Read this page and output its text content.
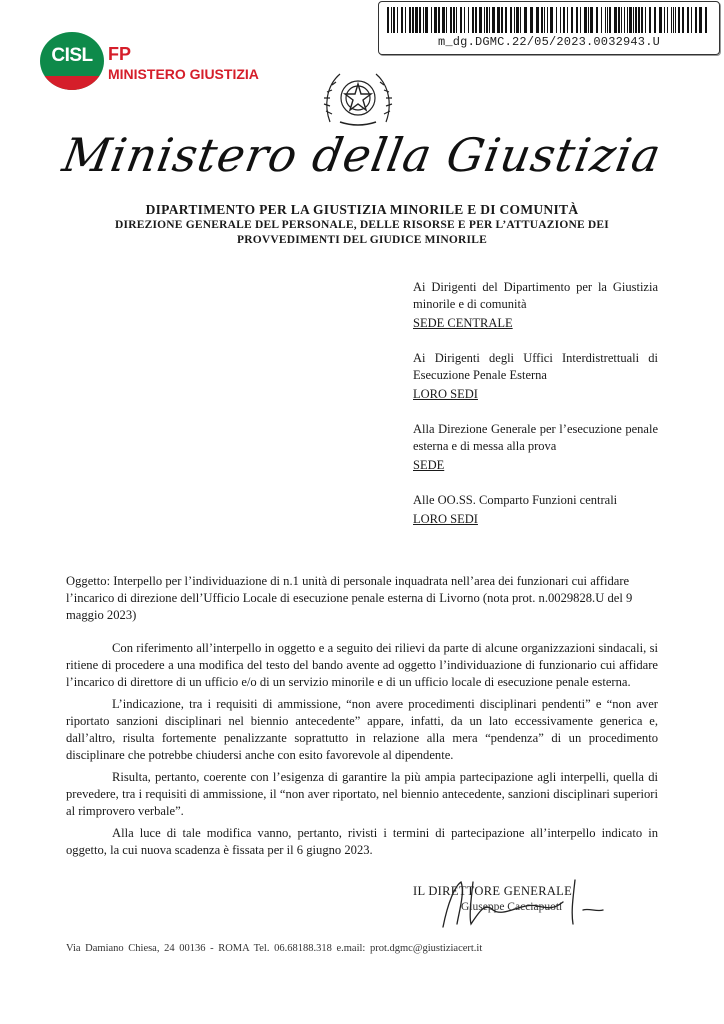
CISL FP
MINISTERO GIUSTIZIA
m_dg.DGMC.22/05/2023.0032943.U
Ministero della Giustizia
DIPARTIMENTO PER LA GIUSTIZIA MINORILE E DI COMUNITÀ
DIREZIONE GENERALE DEL PERSONALE, DELLE RISORSE E PER L’ATTUAZIONE DEI
PROVVEDIMENTI DEL GIUDICE MINORILE
Ai Dirigenti del Dipartimento per la Giustizia minorile e di comunità
SEDE CENTRALE
Ai Dirigenti degli Uffici Interdistrettuali di Esecuzione Penale Esterna
LORO SEDI
Alla Direzione Generale per l’esecuzione penale esterna e di messa alla prova
SEDE
Alle OO.SS. Comparto Funzioni centrali
LORO SEDI
Oggetto: Interpello per l’individuazione di n.1 unità di personale inquadrata nell’area dei funzionari cui affidare l’incarico di direzione dell’Ufficio Locale di esecuzione penale esterna di Livorno (nota prot. n.0029828.U del 9 maggio 2023)

Con riferimento all’interpello in oggetto e a seguito dei rilievi da parte di alcune organizzazioni sindacali, si ritiene di procedere a una modifica del testo del bando avente ad oggetto l’individuazione di funzionario cui affidare l’incarico di direttore di un ufficio e/o di un servizio minorile e di un ufficio locale di esecuzione penale esterna.

L’indicazione, tra i requisiti di ammissione, “non avere procedimenti disciplinari pendenti” e “non aver riportato sanzioni disciplinari nel biennio antecedente” appare, infatti, da un lato eccessivamente generica e, dall’altro, risulta fortemente penalizzante soprattutto in relazione alla mera “pendenza” di un procedimento disciplinare che potrebbe chiudersi anche con esito favorevole al dipendente.

Risulta, pertanto, coerente con l’esigenza di garantire la più ampia partecipazione agli interpelli, quella di prevedere, tra i requisiti di ammissione, il “non aver riportato, nel biennio antecedente, sanzioni disciplinari superiori al rimprovero verbale”.

Alla luce di tale modifica vanno, pertanto, rivisti i termini di partecipazione all’interpello indicato in oggetto, la cui nuova scadenza è fissata per il 6 giugno 2023.

IL DIRETTORE GENERALE
Giuseppe Cacciapuoti
Via Damiano Chiesa, 24 00136 - ROMA Tel. 06.68188.318 e.mail: prot.dgmc@giustiziacert.it
